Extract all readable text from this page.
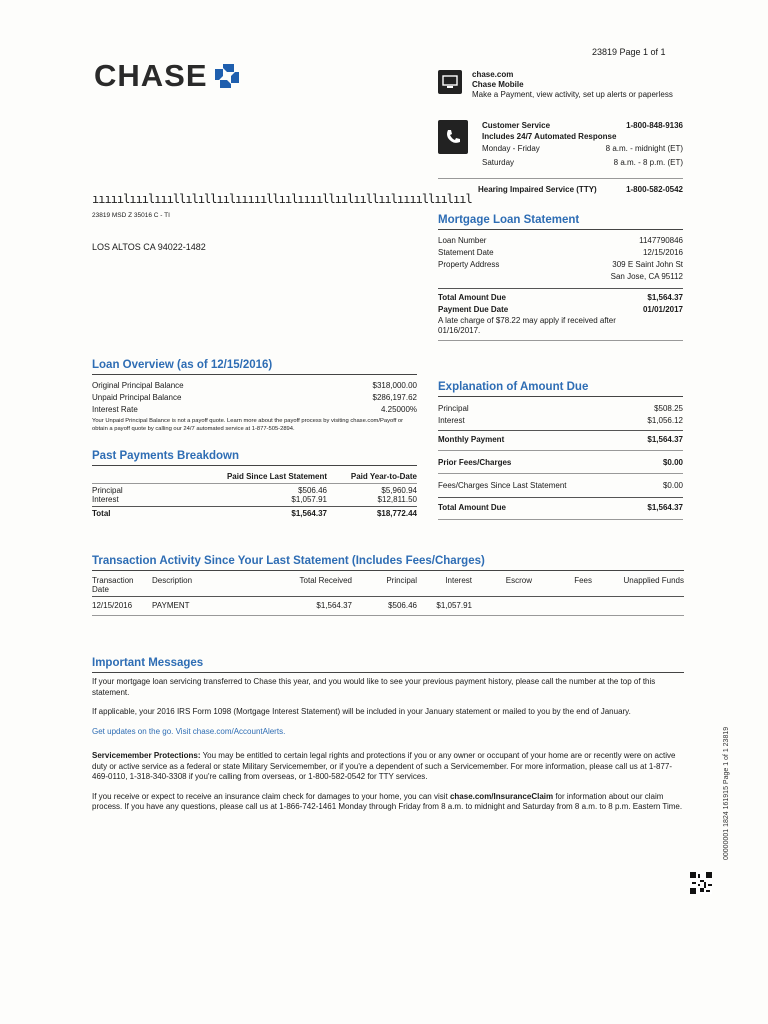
23819 Page 1 of 1
CHASE	chase.com
Chase Mobile
Make a Payment, view activity, set up alerts or paperless
Customer Service	1-800-848-9136
Includes 24/7 Automated Response
Monday - Friday	8 a.m. - midnight (ET)
Saturday	8 a.m. - 8 p.m. (ET)
Hearing Impaired Service (TTY)	1-800-582-0542
ııııılııılıııllılıllıılıııııllıılııııllıılııllıılııııllıılııl
23819 MSD Z 35016 C - TI
LOS ALTOS CA 94022-1482
Mortgage Loan Statement
Loan Number	1147790846
Statement Date	12/15/2016
Property Address	309 E Saint John St
San Jose, CA 95112
Total Amount Due	$1,564.37
Payment Due Date	01/01/2017
A late charge of $78.22 may apply if received after 01/16/2017.
Loan Overview (as of 12/15/2016)
Original Principal Balance	$318,000.00
Unpaid Principal Balance	$286,197.62
Interest Rate	4.25000%
Your Unpaid Principal Balance is not a payoff quote. Learn more about the payoff process by visiting chase.com/Payoff or obtain a payoff quote by calling our 24/7 automated service at 1-877-505-2894.
Explanation of Amount Due
Principal	$508.25
Interest	$1,056.12
Monthly Payment	$1,564.37
Prior Fees/Charges	$0.00
Fees/Charges Since Last Statement	$0.00
Total Amount Due	$1,564.37
Past Payments Breakdown
	Paid Since Last Statement	Paid Year-to-Date

Principal	$506.46	$5,960.94
Interest	$1,057.91	$12,811.50

Total	$1,564.37	$18,772.44
Transaction Activity Since Your Last Statement (Includes Fees/Charges)
Transaction Date	Description	Total Received	Principal	Interest	Escrow	Fees	Unapplied Funds

12/15/2016	PAYMENT	$1,564.37	$506.46	$1,057.91			

Important Messages

If your mortgage loan servicing transferred to Chase this year, and you would like to see your previous payment history, please call the number at the top of this statement.

If applicable, your 2016 IRS Form 1098 (Mortgage Interest Statement) will be included in your January statement or mailed to you by the end of January.

Get updates on the go. Visit chase.com/AccountAlerts.

Servicemember Protections: You may be entitled to certain legal rights and protections if you or any owner or occupant of your home are or recently were on active duty or active service as a federal or state Military Servicemember, or if you're a dependent of such a Servicemember. For more information, please call us at 1-877-469-0110, 1-318-340-3308 if you're calling from overseas, or 1-800-582-0542 for TTY services.

If you receive or expect to receive an insurance claim check for damages to your home, you can visit chase.com/InsuranceClaim for information about our claim process. If you have any questions, please call us at 1-866-742-1461 Monday through Friday from 8 a.m. to midnight and Saturday from 8 a.m. to 8 p.m. Eastern Time.	00000001 1824 161915 Page 1 of 1 23819
